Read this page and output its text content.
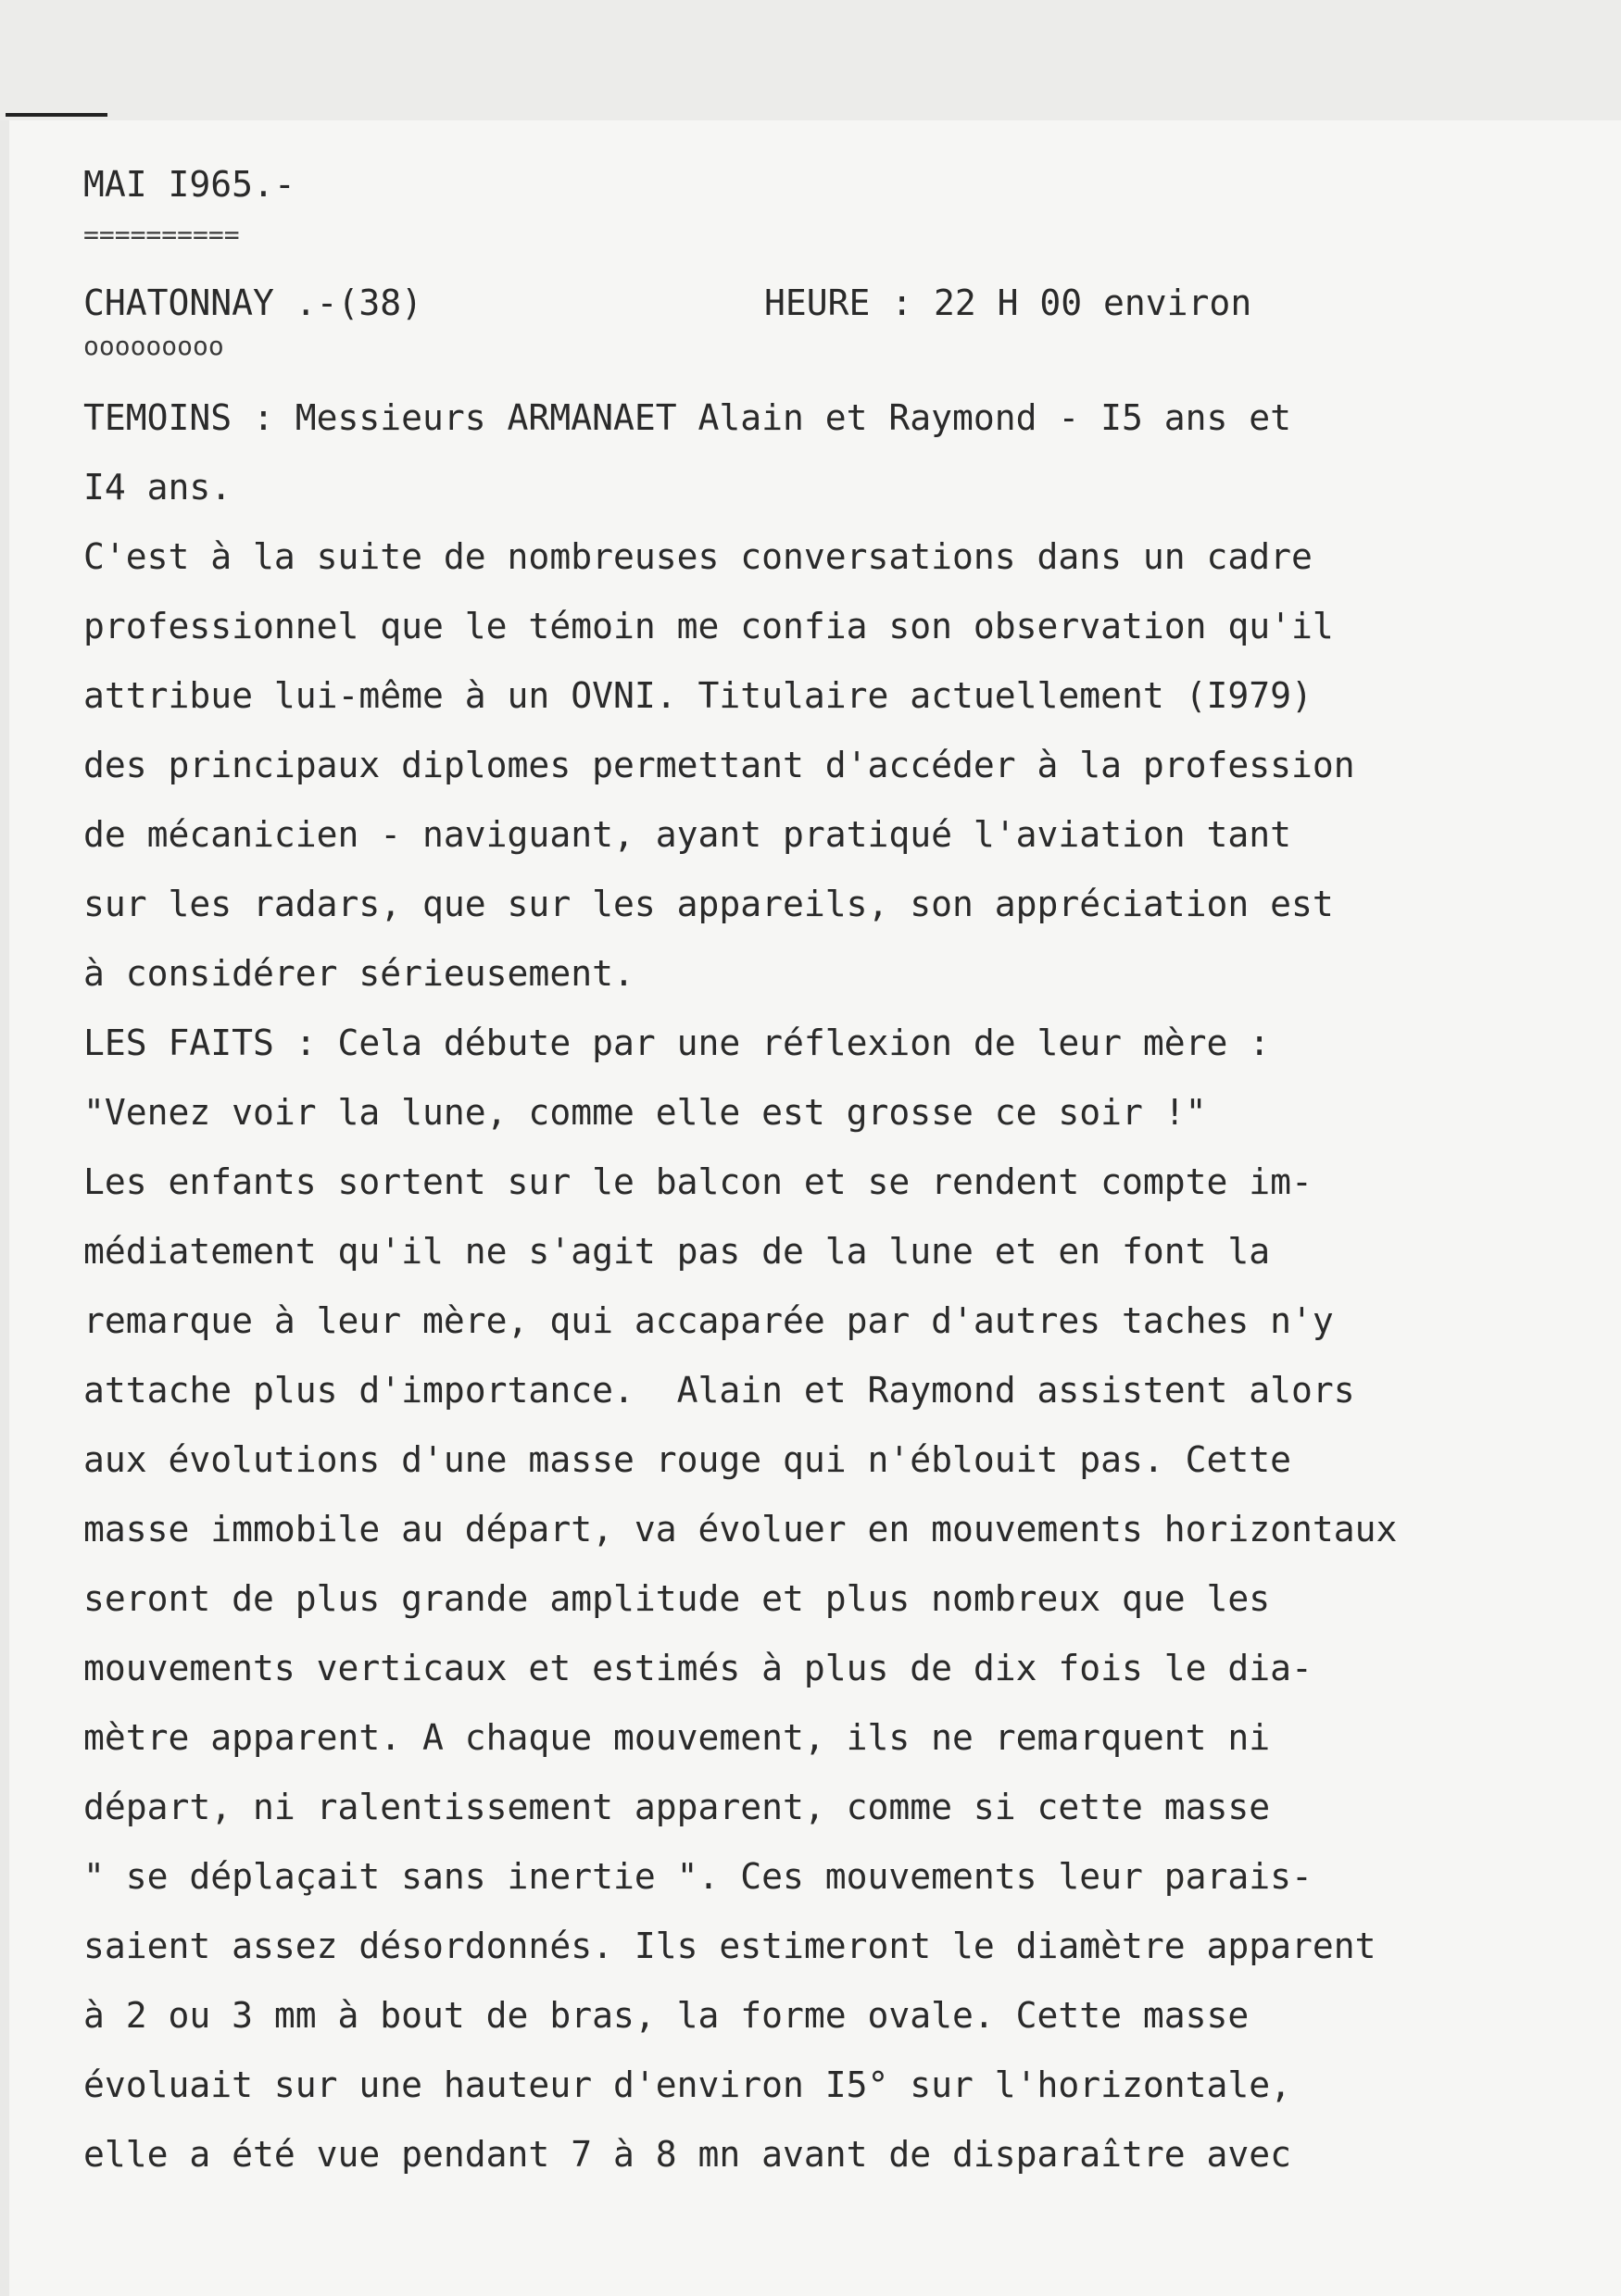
MAI I965.-
==========
CHATONNAY .-(38)	HEURE : 22 H 00 environ
ooooooooo
TEMOINS : Messieurs ARMANAET Alain et Raymond - I5 ans et
I4 ans.
C'est à la suite de nombreuses conversations dans un cadre
professionnel que le témoin me confia son observation qu'il
attribue lui-même à un OVNI. Titulaire actuellement (I979)
des principaux diplomes permettant d'accéder à la profession
de mécanicien - naviguant, ayant pratiqué l'aviation tant
sur les radars, que sur les appareils, son appréciation est
à considérer sérieusement.
LES FAITS : Cela débute par une réflexion de leur mère :
"Venez voir la lune, comme elle est grosse ce soir !"
Les enfants sortent sur le balcon et se rendent compte im-
médiatement qu'il ne s'agit pas de la lune et en font la
remarque à leur mère, qui accaparée par d'autres taches n'y
attache plus d'importance.  Alain et Raymond assistent alors
aux évolutions d'une masse rouge qui n'éblouit pas. Cette
masse immobile au départ, va évoluer en mouvements horizontaux
seront de plus grande amplitude et plus nombreux que les
mouvements verticaux et estimés à plus de dix fois le dia-
mètre apparent. A chaque mouvement, ils ne remarquent ni
départ, ni ralentissement apparent, comme si cette masse
" se déplaçait sans inertie ". Ces mouvements leur parais-
saient assez désordonnés. Ils estimeront le diamètre apparent
à 2 ou 3 mm à bout de bras, la forme ovale. Cette masse
évoluait sur une hauteur d'environ I5° sur l'horizontale,
elle a été vue pendant 7 à 8 mn avant de disparaître avec
